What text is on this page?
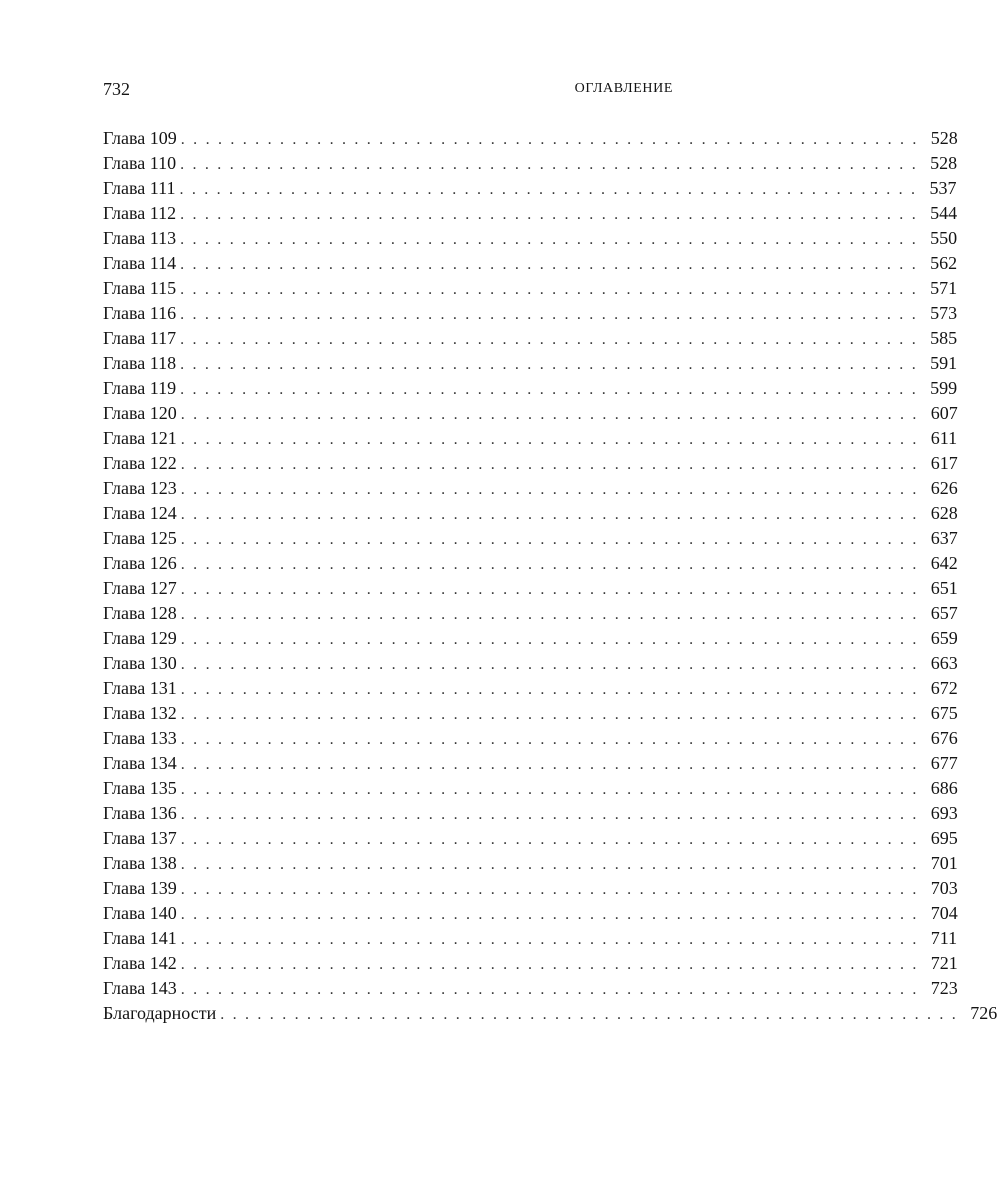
732	ОГЛАВЛЕНИЕ
Глава 109 ............................................................ 528
Глава 110 ............................................................ 528
Глава 111 ............................................................ 537
Глава 112 ............................................................ 544
Глава 113 ............................................................ 550
Глава 114 ............................................................ 562
Глава 115 ............................................................ 571
Глава 116 ............................................................ 573
Глава 117 ............................................................ 585
Глава 118 ............................................................ 591
Глава 119 ............................................................ 599
Глава 120 ............................................................ 607
Глава 121 ............................................................ 611
Глава 122 ............................................................ 617
Глава 123 ............................................................ 626
Глава 124 ............................................................ 628
Глава 125 ............................................................ 637
Глава 126 ............................................................ 642
Глава 127 ............................................................ 651
Глава 128 ............................................................ 657
Глава 129 ............................................................ 659
Глава 130 ............................................................ 663
Глава 131 ............................................................ 672
Глава 132 ............................................................ 675
Глава 133 ............................................................ 676
Глава 134 ............................................................ 677
Глава 135 ............................................................ 686
Глава 136 ............................................................ 693
Глава 137 ............................................................ 695
Глава 138 ............................................................ 701
Глава 139 ............................................................ 703
Глава 140 ............................................................ 704
Глава 141 ............................................................ 711
Глава 142 ............................................................ 721
Глава 143 ............................................................ 723
Благодарности ............................................................ 726
